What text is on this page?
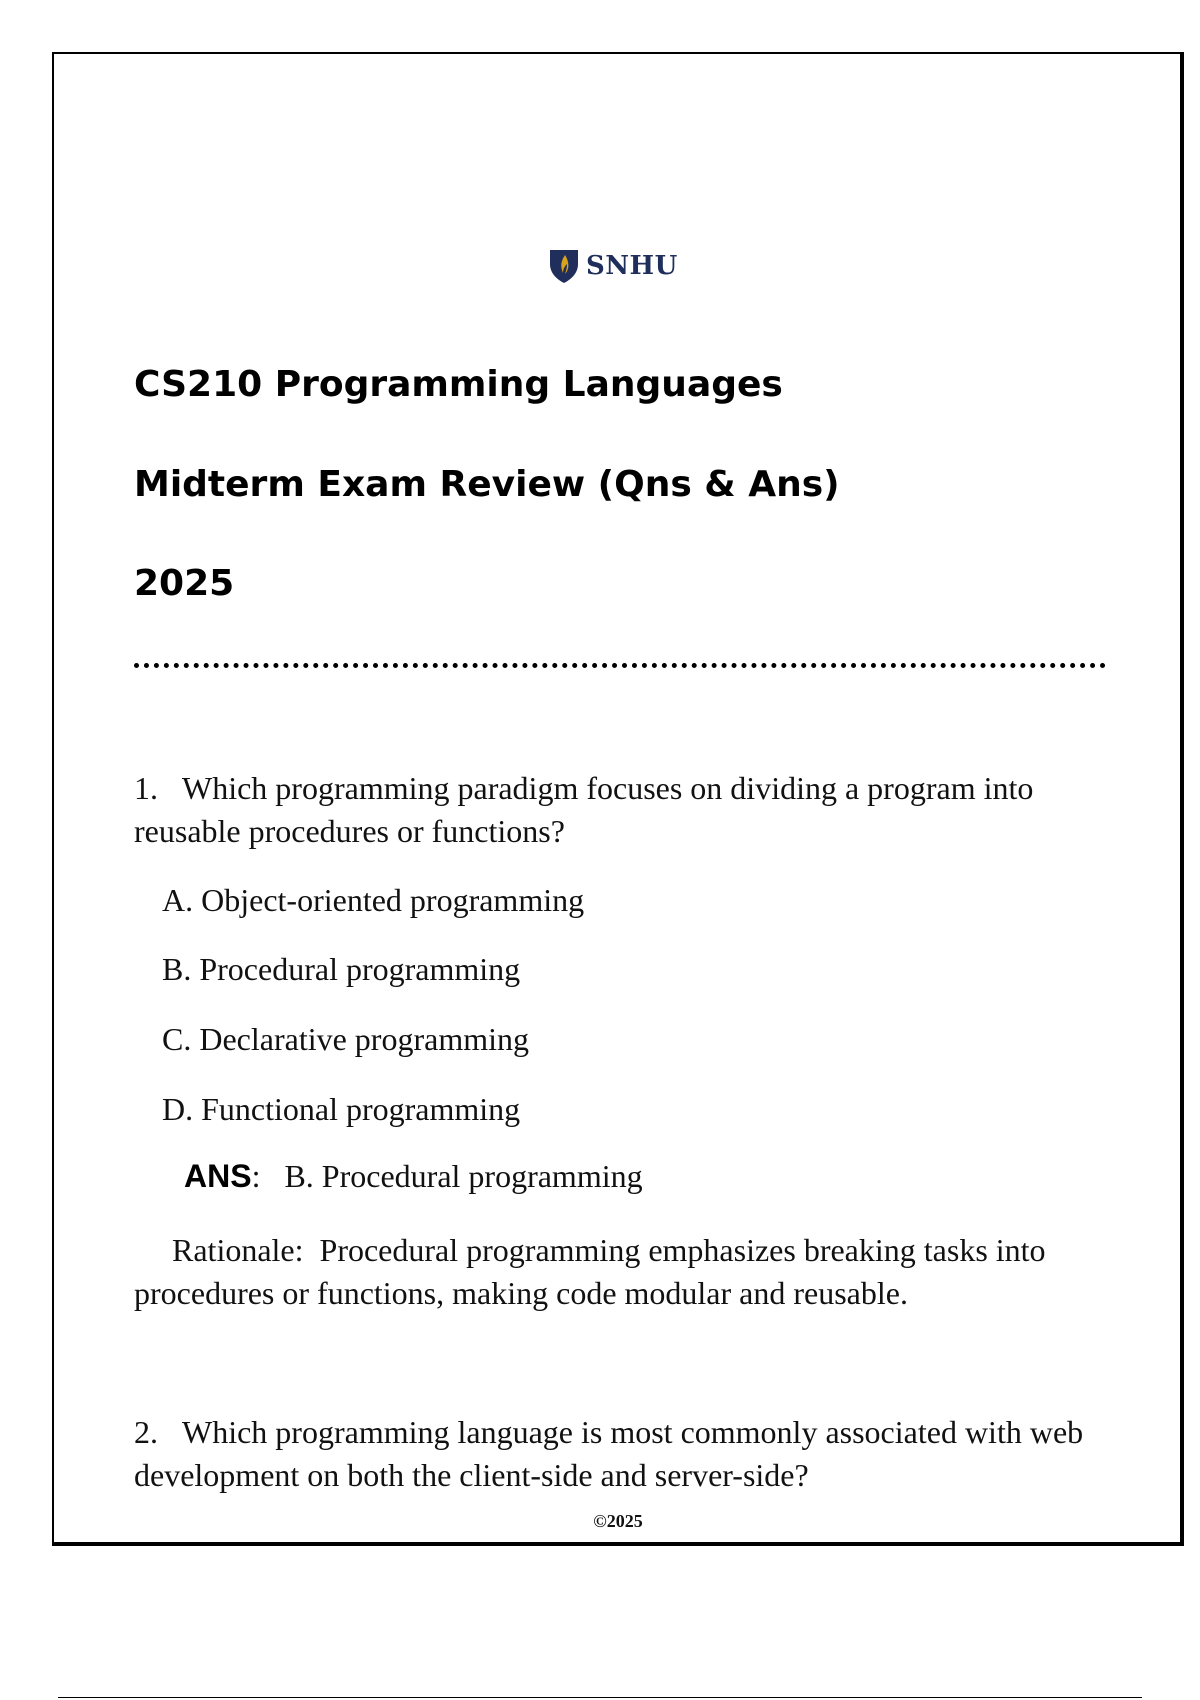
SNHU
CS210 Programming Languages
Midterm Exam Review (Qns & Ans)
2025
1. Which programming paradigm focuses on dividing a program into reusable procedures or functions?
A. Object-oriented programming
B. Procedural programming
C. Declarative programming
D. Functional programming
ANS: B. Procedural programming
Rationale: Procedural programming emphasizes breaking tasks into procedures or functions, making code modular and reusable.
2. Which programming language is most commonly associated with web development on both the client-side and server-side?
©2025
